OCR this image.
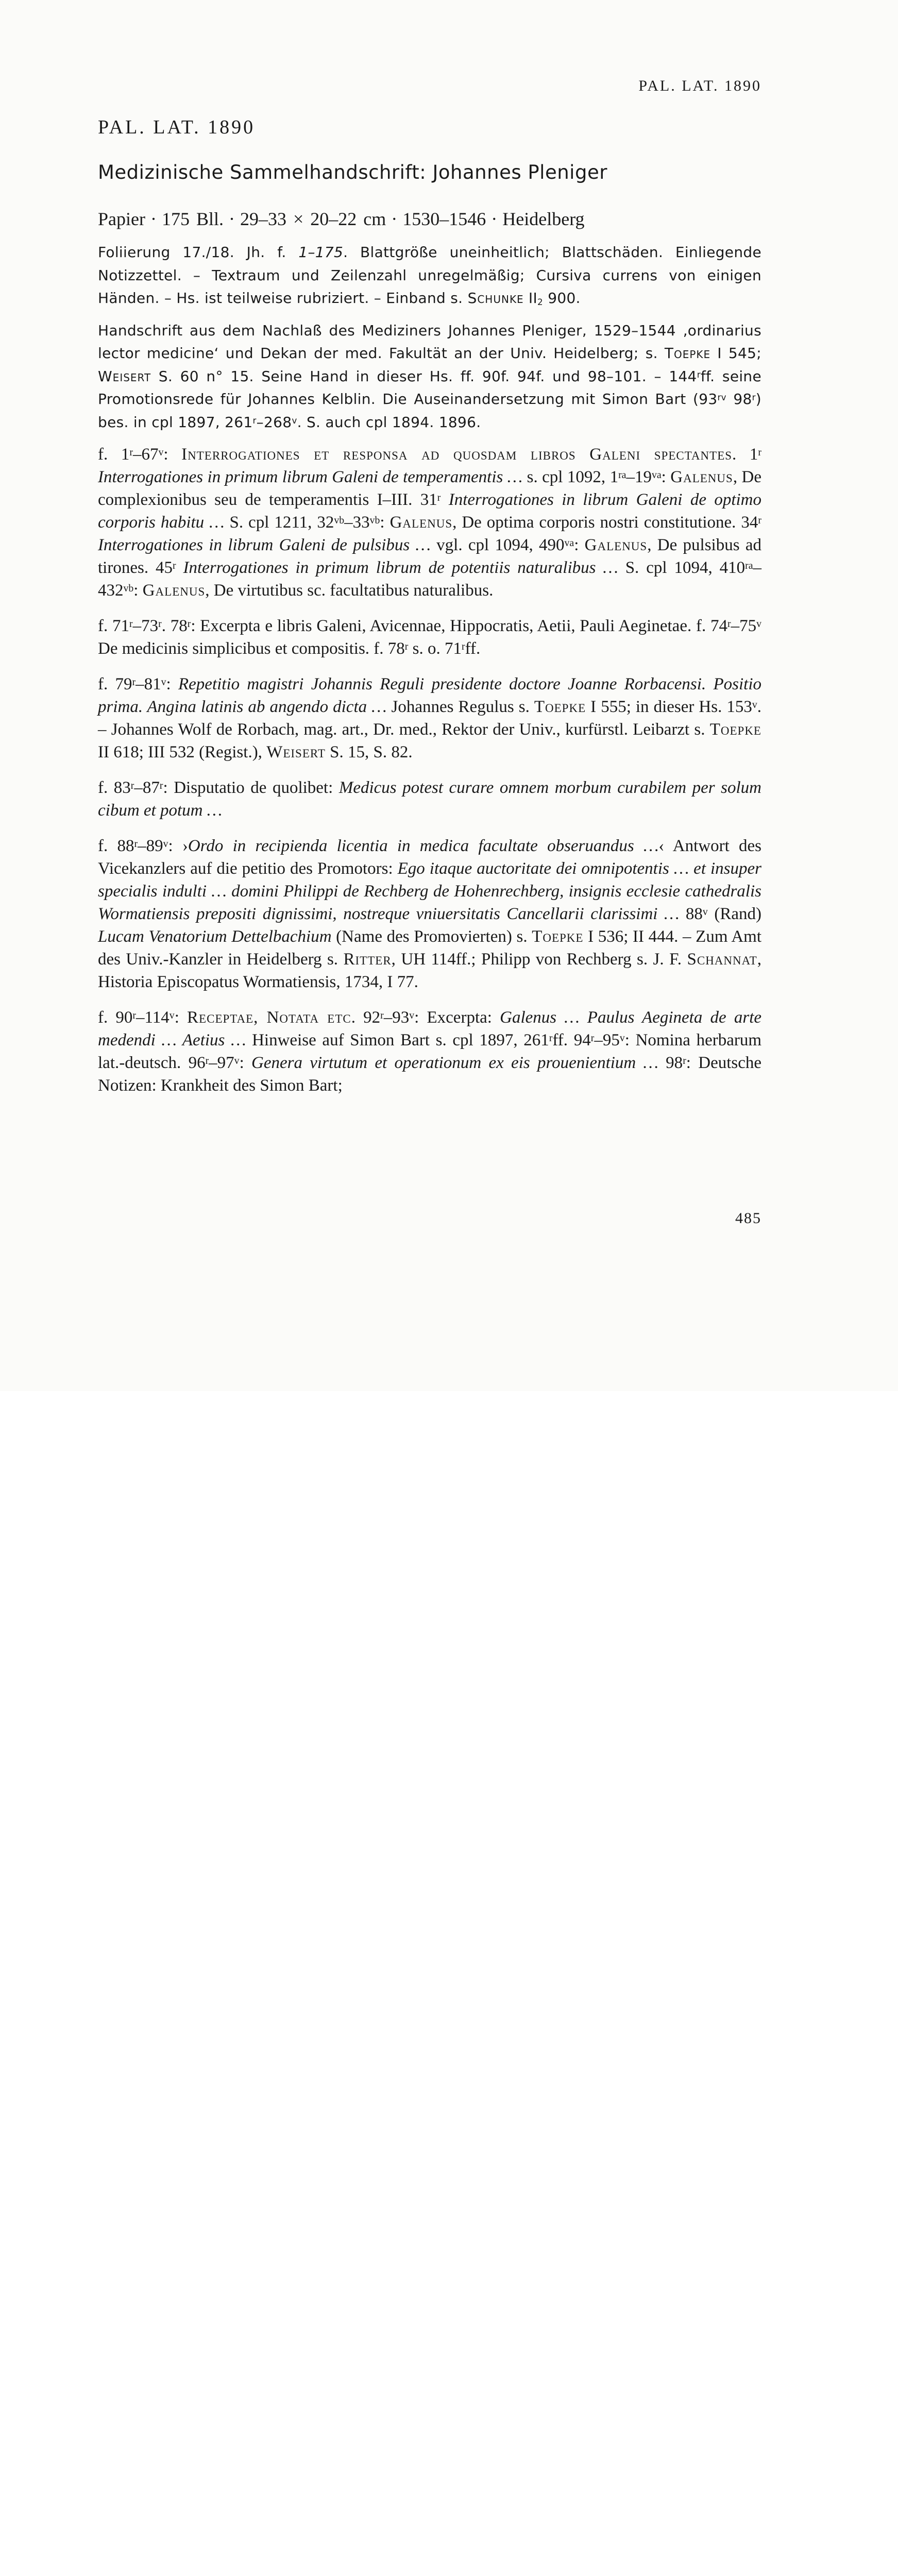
PAL. LAT. 1890
PAL. LAT. 1890
Medizinische Sammelhandschrift: Johannes Pleniger

Papier · 175 Bll. · 29–33 × 20–22 cm · 1530–1546 · Heidelberg

Foliierung 17./18. Jh. f. 1–175. Blattgröße uneinheitlich; Blattschäden. Einliegende Notizzettel. – Textraum und Zeilenzahl unregelmäßig; Cursiva currens von einigen Händen. – Hs. ist teilweise rubriziert. – Einband s. Schunke $II_2$ 900.

Handschrift aus dem Nachlaß des Mediziners Johannes Pleniger, 1529–1544 ‚ordinarius lector medicine‘ und Dekan der med. Fakultät an der Univ. Heidelberg; s. Toepke I 545; Weisert S. 60 n° 15. Seine Hand in dieser Hs. ff. 90f. 94f. und 98–101. – 144$^r$ff. seine Promotionsrede für Johannes Kelblin. Die Auseinandersetzung mit Simon Bart ($93^{rv}$ 98$^r$) bes. in cpl 1897, 261$^r$–268$^v$. S. auch cpl 1894. 1896.

f. 1$^r$–67$^v$: Interrogationes et responsa ad quosdam libros Galeni spectantes. 1$^r$ Interrogationes in primum librum Galeni de temperamentis … s. cpl 1092, $1^{ra}-19^{va}$: Galenus, De complexionibus seu de temperamentis I–III. 31$^r$ Interrogationes in librum Galeni de optimo corporis habitu … S. cpl 1211, $32^{vb}-33^{vb}$: Galenus, De optima corporis nostri constitutione. 34$^r$ Interrogationes in librum Galeni de pulsibus … vgl. cpl 1094, $490^{va}$: Galenus, De pulsibus ad tirones. 45$^r$ Interrogationes in primum librum de potentiis naturalibus … S. cpl 1094, $410^{ra}-432^{vb}$: Galenus, De virtutibus sc. facultatibus naturalibus.

f. 71$^r$–73$^r$. 78$^r$: Excerpta e libris Galeni, Avicennae, Hippocratis, Aetii, Pauli Aeginetae. f. 74$^r$–75$^v$ De medicinis simplicibus et compositis. f. 78$^r$ s. o. 71$^r$ff.

f. 79$^r$–81$^v$: Repetitio magistri Johannis Reguli presidente doctore Joanne Rorbacensi. Positio prima. Angina latinis ab angendo dicta … Johannes Regulus s. Toepke I 555; in dieser Hs. 153$^v$. – Johannes Wolf de Rorbach, mag. art., Dr. med., Rektor der Univ., kurfürstl. Leibarzt s. Toepke II 618; III 532 (Regist.), Weisert S. 15, S. 82.

f. 83$^r$–87$^r$: Disputatio de quolibet: Medicus potest curare omnem morbum curabilem per solum cibum et potum …

f. 88$^r$–89$^v$: ›Ordo in recipienda licentia in medica facultate obseruandus …‹ Antwort des Vicekanzlers auf die petitio des Promotors: Ego itaque auctoritate dei omnipotentis … et insuper specialis indulti … domini Philippi de Rechberg de Hohenrechberg, insignis ecclesie cathedralis Wormatiensis prepositi dignissimi, nostreque vniuersitatis Cancellarii clarissimi … 88$^v$ (Rand) Lucam Venatorium Dettelbachium (Name des Promovierten) s. Toepke I 536; II 444. – Zum Amt des Univ.-Kanzler in Heidelberg s. Ritter, UH 114ff.; Philipp von Rechberg s. J. F. Schannat, Historia Episcopatus Wormatiensis, 1734, I 77.

f. 90$^r$–114$^v$: Receptae, Notata etc. 92$^r$–93$^v$: Excerpta: Galenus … Paulus Aegineta de arte medendi … Aetius … Hinweise auf Simon Bart s. cpl 1897, 261$^r$ff. 94$^r$–95$^v$: Nomina herbarum lat.-deutsch. 96$^r$–97$^v$: Genera virtutum et operationum ex eis prouenientium … 98$^r$: Deutsche Notizen: Krankheit des Simon Bart;

485
